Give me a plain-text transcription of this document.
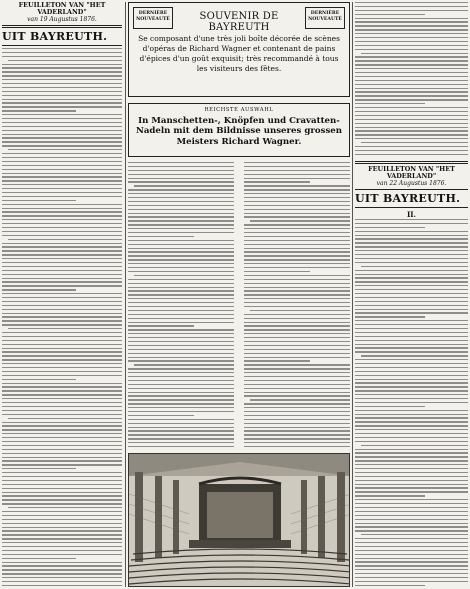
FEUILLETON VAN "HET VADERLAND"
van 19 Augustus 1876.
UIT BAYREUTH.
DERNIÈRE NOUVEAUTÉ	SOUVENIR DE BAYREUTH
DERNIÈRE NOUVEAUTÉ
Se composant d'une très joli boîte décorée de scènes d'opéras de Richard Wagner et contenant de pains d'épices d'un goût exquisit; très recommandé à tous les visiteurs des fêtes.
REICHSTE AUSWAHL
In Manschetten-, Knöpfen und Cravatten-Nadeln mit dem Bildnisse unseres grossen Meisters Richard Wagner.
FEUILLETON VAN "HET VADERLAND"
van 22 Augustus 1876.
UIT BAYREUTH.
II.
